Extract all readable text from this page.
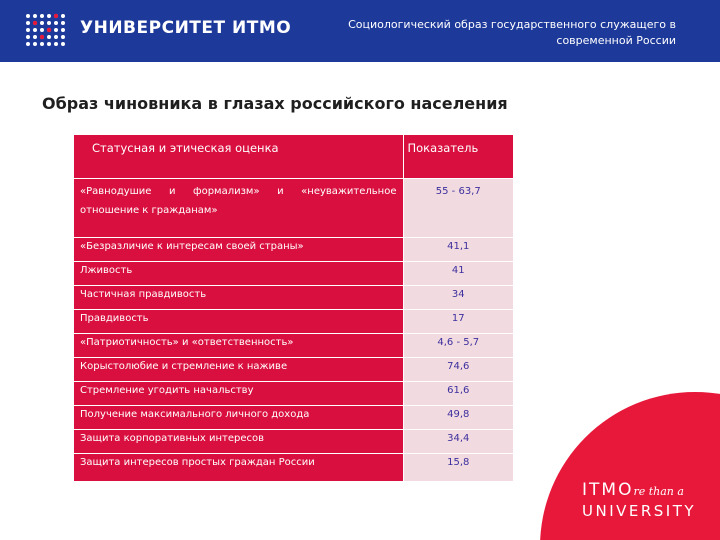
УНИВЕРСИТЕТ ИТМО	Социологический образ государственного служащего в
современной России
Образ чиновника в глазах российского населения
Статусная и этическая оценка	Показатель
«Равнодушие и формализм» и «неуважительное отношение к гражданам»	55 - 63,7
«Безразличие к интересам своей страны»	41,1
Лживость	41
Частичная правдивость	34
Правдивость	17
«Патриотичность» и «ответственность»	4,6 - 5,7
Корыстолюбие и стремление к наживе	74,6
Стремление угодить начальству	61,6
Получение максимального личного дохода	49,8
Защита корпоративных интересов	34,4
Защита интересов простых граждан России	15,8
ITMOre than a
UNIVERSITY
